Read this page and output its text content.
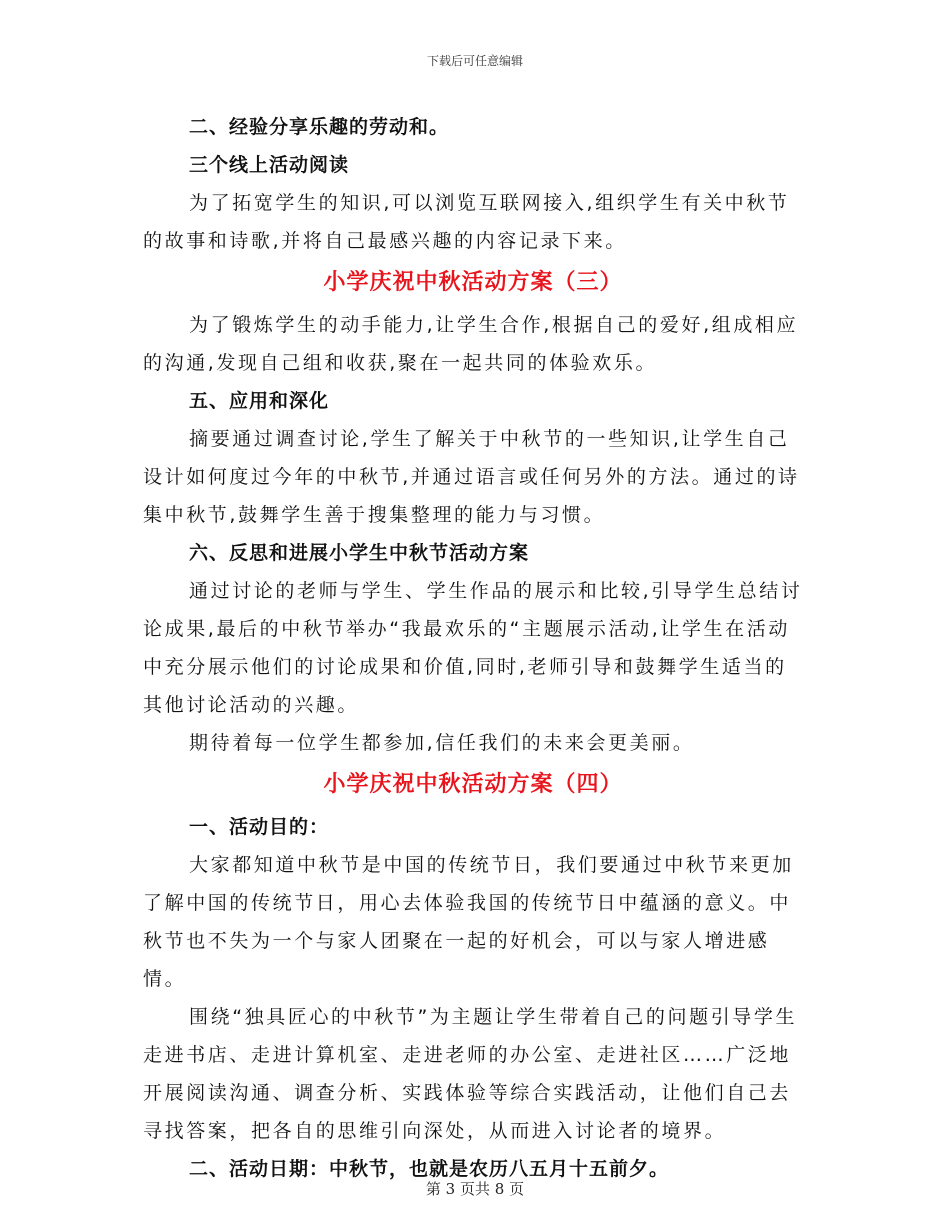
下载后可任意编辑
二、经验分享乐趣的劳动和。
三个线上活动阅读

为了拓宽学生的知识,可以浏览互联网接入,组织学生有关中秋节的故事和诗歌,并将自己最感兴趣的内容记录下来。

小学庆祝中秋活动方案（三）

为了锻炼学生的动手能力,让学生合作,根据自己的爱好,组成相应的沟通,发现自己组和收获,聚在一起共同的体验欢乐。

五、应用和深化

摘要通过调查讨论,学生了解关于中秋节的一些知识,让学生自己设计如何度过今年的中秋节,并通过语言或任何另外的方法。通过的诗集中秋节,鼓舞学生善于搜集整理的能力与习惯。

六、反思和进展小学生中秋节活动方案

通过讨论的老师与学生、学生作品的展示和比较,引导学生总结讨论成果,最后的中秋节举办“我最欢乐的“主题展示活动,让学生在活动中充分展示他们的讨论成果和价值,同时,老师引导和鼓舞学生适当的其他讨论活动的兴趣。

期待着每一位学生都参加,信任我们的未来会更美丽。

小学庆祝中秋活动方案（四）
一、活动目的：

大家都知道中秋节是中国的传统节日，我们要通过中秋节来更加了解中国的传统节日，用心去体验我国的传统节日中蕴涵的意义。中秋节也不失为一个与家人团聚在一起的好机会，可以与家人增进感情。

围绕“独具匠心的中秋节”为主题让学生带着自己的问题引导学生走进书店、走进计算机室、走进老师的办公室、走进社区……广泛地开展阅读沟通、调查分析、实践体验等综合实践活动，让他们自己去寻找答案，把各自的思维引向深处，从而进入讨论者的境界。

二、活动日期：中秋节，也就是农历八五月十五前夕。
第 3 页共 8 页
